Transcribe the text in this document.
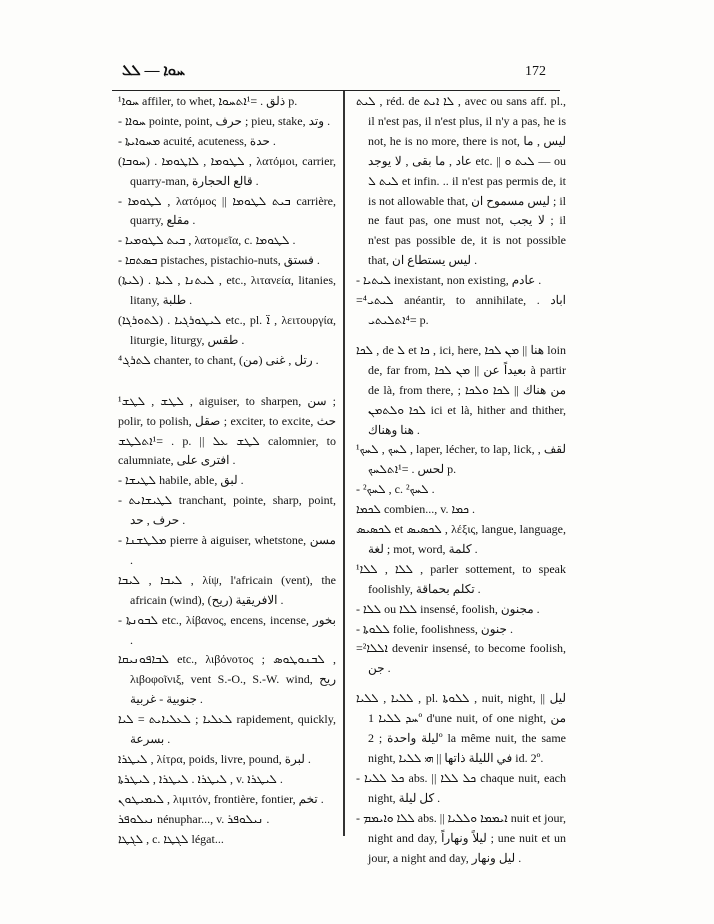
ܚܘܐ — ܠܠ	172

¹ܚܘܐ affiler, to whet, ذلق . =¹ܐܬܚܘܐ p.

- ܚܘܐܐ pointe, point, حرف ; pieu, stake, وتد .

- ܡܚܘܐܝܬܐ acuité, acuteness, حدة .

(ܚܘܒܐ) . ܠܛܘܡܐ , ܠܐܛܘܡܐ , λατόμοι, carrier, quarry-man, قالع الحجارة .

- ܠܛܘܡܐ , λατόμος || ܒܝܬ ܠܛܘܡܐ carrière, quarry, مقلع .

- ܒܝܬ ܠܛܘܡܝܐ , λατομεῖα, c. ܠܛܘܡܐ .

- ܒܣܬܩܐ pistaches, pistachio-nuts, فستق .

(ܠܝܬܐ) . ܠܝܬܢܐ , ܠܝܬܐ , etc., λιτανεία, litanies, litany, طلبة .

(ܠܬܘܪܓܐ) . ܠܝܛܘܪܓܝܐ etc., pl. ܐ̈ , λειτουργία, liturgie, liturgy, طقس .

⁴ܠܬܪܓ chanter, to chant, (ﻣﻦ) رتل , غنى .

¹ܠܛܫ , ܠܛܫ , aiguiser, to sharpen, سن ; polir, to polish, صقل ; exciter, to excite, حث . =¹ܐܬܠܛܫ p. || ܠܛܫ ܥܠ calomnier, to calumniate, افترى على .

- ܠܛܝܫܐ habile, able, لبق .

- ܠܛܝܫܐܝܬ tranchant, pointe, sharp, point, حرف , حد .

- ܡܠܛܫܢܐ pierre à aiguiser, whetstone, مسن .

ܠܝܒܐ , ܠܝܒܐ , λίψ, l'africain (vent), the africain (wind), الافريقية (ريح) .

- ܠܒܘܢܬܐ etc., λίβανος, encens, incense, بخور .

ܠܒܐܦܘܢܝܩܐ etc., λιβόνοτος ; ܠܒܢܘܛܘܣ , λιβοφοῖνιξ, vent S.-O., S.-W. wind, ريح جنوبية - غربية .

ܠܥܠܝܐ ; ܠܥܠܝܐܝܬ = ܠܝܐ rapidement, quickly, بسرعة .

ܠܝܛܪܐ , λίτρα, poids, livre, pound, لبرة .

ܠܝܛܪܐ . ܠܝܛܪܐ , ܠܝܛܪܬܐ , v. ܠܝܛܪܐ .

ܠܝܡܝܛܘܢ , λιμιτόν, frontière, fontier, تخم .

ܢܝܠܘܦܪ nénuphar..., v. ܢܝܠܘܦܪ .

ܠܓܛܐ , c. ܠܓܛܐ légat...

ܠܝܬ , réd. de ܠܐ ܐܝܬ , avec ou sans aff. pl., il n'est pas, il n'est plus, il n'y a pas, he is not, he is no more, there is not, ليس , ما عاد , ما بقى , لا يوجد etc. || ܠܝܬ ܘ — ou ܠܝܬ ܠ et infin. .. il n'est pas permis de, it is not allowable that, ليس مسموح ان ; il ne faut pas, one must not, لا يجب ; il n'est pas possible de, it is not possible that, ليس يستطاع ان .

- ܠܝܬܝܐ inexistant, non existing, عادم .

=⁴ܠܝܬܝ anéantir, to annihilate, اباد . =⁴ܐܬܠܝܬܝ p.

ܠܟܐ , de ܠ et ܟܐ , ici, here, هنا || ܡܢ ܠܟܐ loin de, far from, بعيداً عن || ܡܢ ܠܟܐ à partir de là, from there, من هناك || ܠܟܐ ܘܠܟܐ ; ܠܟܐ ܘܠܬܡܢ ici et là, hither and thither, هنا وهناك .

¹ܠܚܟ , ܠܚܟ , laper, lécher, to lap, lick, لقف , لحس . =¹ܐܬܠܚܟ p.

- ²ܠܚܟ , c. ²ܠܚܟ .

ܠܟܡܐ combien..., v. ܟܡܐ .

ܠܟܣܝܣ et ܠܟܣܝܣ , λέξις, langue, language, لغة ; mot, word, كلمة .

¹ܠܠܐ , ܠܠܐ , parler sottement, to speak foolishly, تكلم بحماقة .

- ܠܠܐ ou ܠܠܐ insensé, foolish, مجنون .

- ܠܠܘܬܐ folie, foolishness, جنون .

=²ܐܠܠܐ devenir insensé, to become foolish, جن .

ܠܠܝܐ , ܠܠܝܐ , pl. ܠܠܘܬܐ , nuit, night, ليل || ܚܕ ܠܠܝܐ 1º d'une nuit, of one night, من ليلة واحدة ; 2º la même nuit, the same night, في الليلة ذاتها || ܗܝ ܠܠܝܐ id. 2º.

- ܟܠ ܠܠܝܐ abs. || ܟܠ ܠܠܐ chaque nuit, each night, كل ليلة .

- ܠܠܐ ܘܐܝܡܡ abs. || ܐܝܡܡܐ ܘܠܠܝܐ nuit et jour, night and day, ليلاً ونهاراً ; une nuit et un jour, a night and day, ليل ونهار .
